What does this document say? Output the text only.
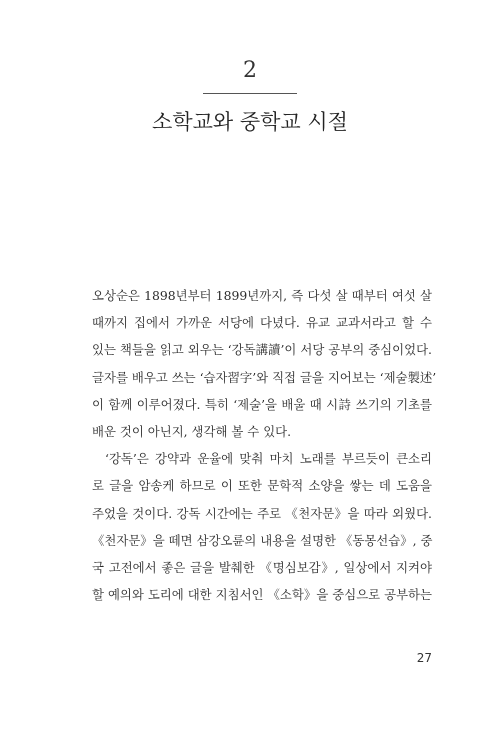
2
소학교와 중학교 시절
오상순은 1898년부터 1899년까지, 즉 다섯 살 때부터 여섯 살
때까지 집에서 가까운 서당에 다녔다. 유교 교과서라고 할 수
있는 책들을 읽고 외우는 ‘강독講讀’이 서당 공부의 중심이었다.
글자를 배우고 쓰는 ‘습자習字’와 직접 글을 지어보는 ‘제술製述’
이 함께 이루어졌다. 특히 ‘제술’을 배울 때 시詩 쓰기의 기초를
배운 것이 아닌지, 생각해 볼 수 있다.
‘강독’은 강약과 운율에 맞춰 마치 노래를 부르듯이 큰소리
로 글을 암송케 하므로 이 또한 문학적 소양을 쌓는 데 도움을
주었을 것이다. 강독 시간에는 주로 《천자문》을 따라 외웠다.
《천자문》을 떼면 삼강오륜의 내용을 설명한 《동몽선습》, 중
국 고전에서 좋은 글을 발췌한 《명심보감》, 일상에서 지켜야
할 예의와 도리에 대한 지침서인 《소학》을 중심으로 공부하는
27
